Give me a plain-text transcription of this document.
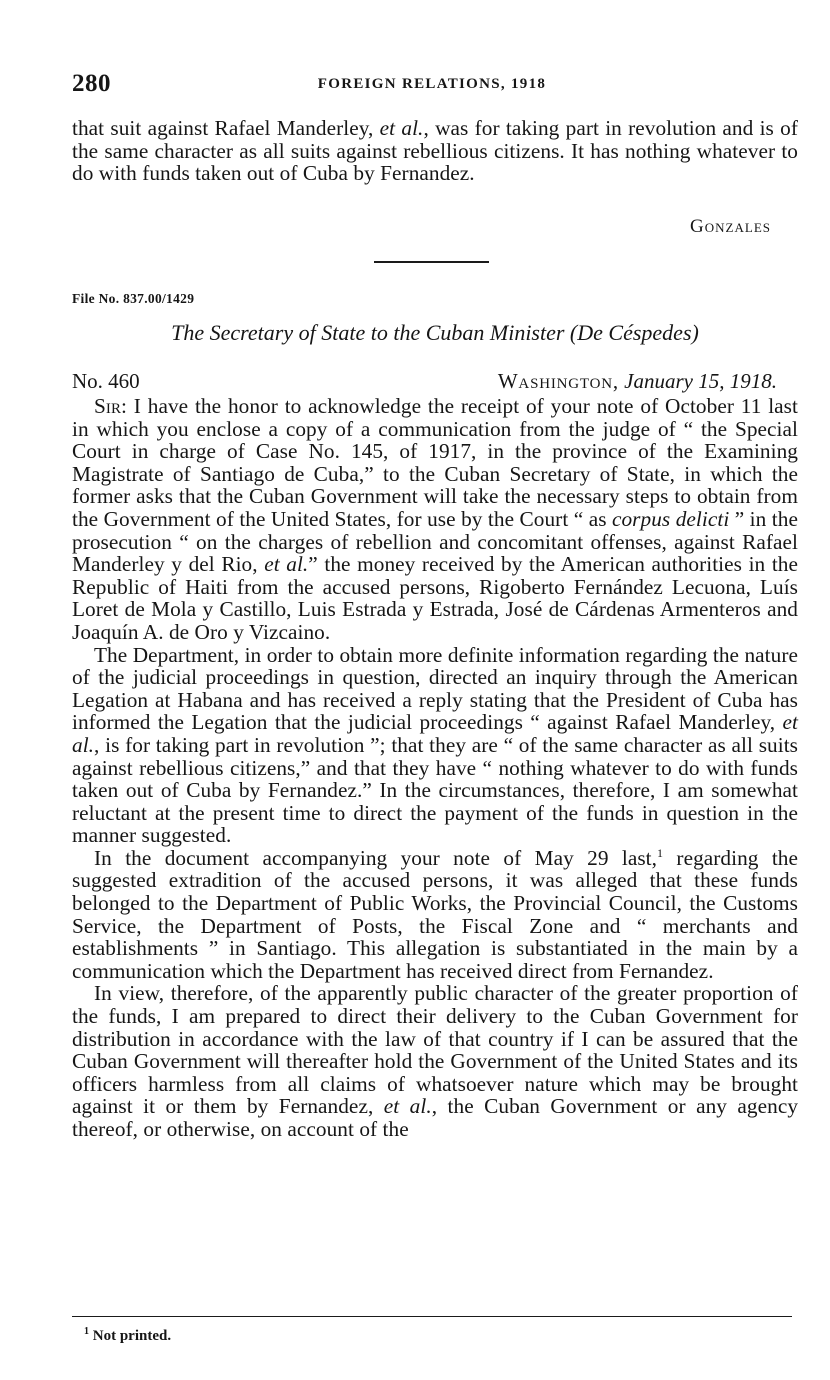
280	FOREIGN RELATIONS, 1918

that suit against Rafael Manderley, et al., was for taking part in revolution and is of the same character as all suits against rebellious citizens. It has nothing whatever to do with funds taken out of Cuba by Fernandez.

Gonzales
File No. 837.00/1429
The Secretary of State to the Cuban Minister (De Céspedes)
No. 460	Washington, January 15, 1918.

Sir: I have the honor to acknowledge the receipt of your note of October 11 last in which you enclose a copy of a communication from the judge of “ the Special Court in charge of Case No. 145, of 1917, in the province of the Examining Magistrate of Santiago de Cuba,” to the Cuban Secretary of State, in which the former asks that the Cuban Government will take the necessary steps to obtain from the Government of the United States, for use by the Court “ as corpus delicti ” in the prosecution “ on the charges of rebellion and concomitant offenses, against Rafael Manderley y del Rio, et al.” the money received by the American authorities in the Republic of Haiti from the accused persons, Rigoberto Fernández Lecuona, Luís Loret de Mola y Castillo, Luis Estrada y Estrada, José de Cárdenas Armenteros and Joaquín A. de Oro y Vizcaino.

The Department, in order to obtain more definite information regarding the nature of the judicial proceedings in question, directed an inquiry through the American Legation at Habana and has received a reply stating that the President of Cuba has informed the Legation that the judicial proceedings “ against Rafael Manderley, et al., is for taking part in revolution ”; that they are “ of the same character as all suits against rebellious citizens,” and that they have “ nothing whatever to do with funds taken out of Cuba by Fernandez.” In the circumstances, therefore, I am somewhat reluctant at the present time to direct the payment of the funds in question in the manner suggested.

In the document accompanying your note of May 29 last,$^1$ regarding the suggested extradition of the accused persons, it was alleged that these funds belonged to the Department of Public Works, the Provincial Council, the Customs Service, the Department of Posts, the Fiscal Zone and “ merchants and establishments ” in Santiago. This allegation is substantiated in the main by a communication which the Department has received direct from Fernandez.

In view, therefore, of the apparently public character of the greater proportion of the funds, I am prepared to direct their delivery to the Cuban Government for distribution in accordance with the law of that country if I can be assured that the Cuban Government will thereafter hold the Government of the United States and its officers harmless from all claims of whatsoever nature which may be brought against it or them by Fernandez, et al., the Cuban Government or any agency thereof, or otherwise, on account of the

$^1$ Not printed.
